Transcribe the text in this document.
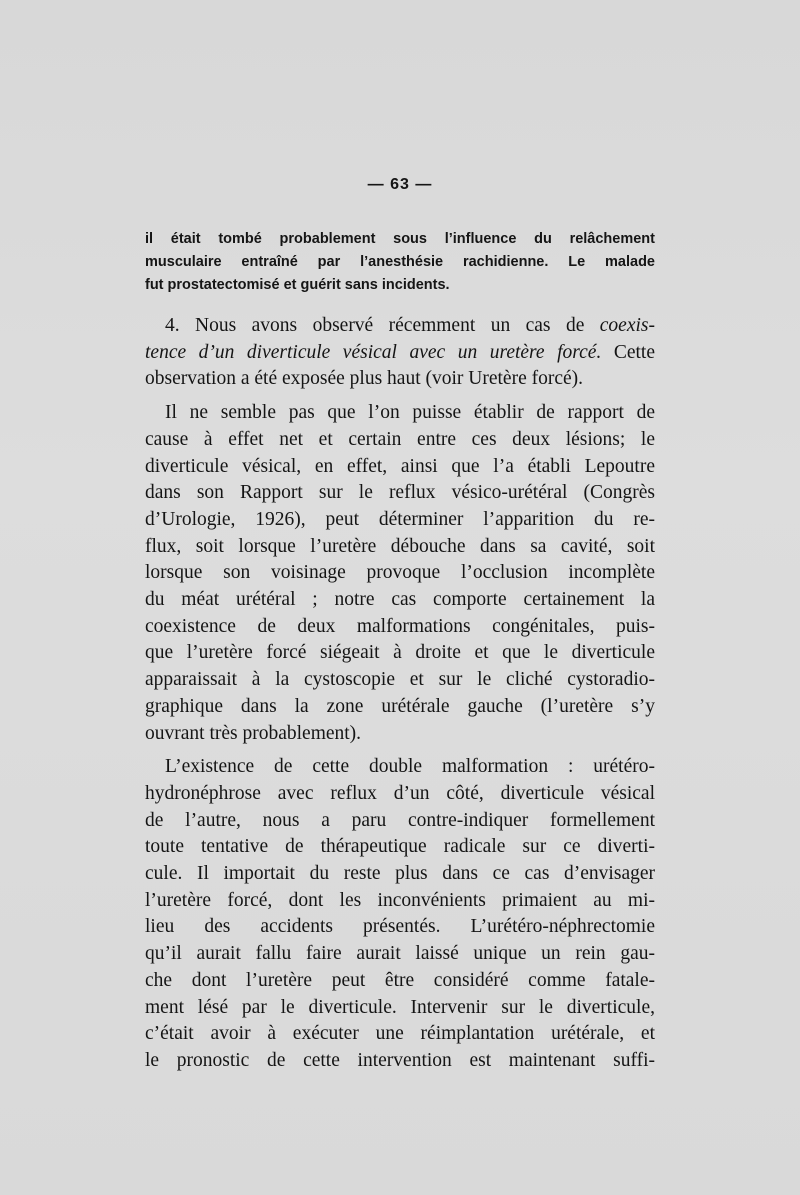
— 63 —
il était tombé probablement sous l’influence du relâchement
musculaire entraîné par l’anesthésie rachidienne. Le malade
fut prostatectomisé et guérit sans incidents.
4. Nous avons observé récemment un cas de coexis-
tence d’un diverticule vésical avec un uretère forcé. Cette
observation a été exposée plus haut (voir Uretère forcé).
Il ne semble pas que l’on puisse établir de rapport de
cause à effet net et certain entre ces deux lésions; le
diverticule vésical, en effet, ainsi que l’a établi Lepoutre
dans son Rapport sur le reflux vésico-urétéral (Congrès
d’Urologie, 1926), peut déterminer l’apparition du re-
flux, soit lorsque l’uretère débouche dans sa cavité, soit
lorsque son voisinage provoque l’occlusion incomplète
du méat urétéral ; notre cas comporte certainement la
coexistence de deux malformations congénitales, puis-
que l’uretère forcé siégeait à droite et que le diverticule
apparaissait à la cystoscopie et sur le cliché cystoradio-
graphique dans la zone urétérale gauche (l’uretère s’y
ouvrant très probablement).
L’existence de cette double malformation : urétéro-
hydronéphrose avec reflux d’un côté, diverticule vésical
de l’autre, nous a paru contre-indiquer formellement
toute tentative de thérapeutique radicale sur ce diverti-
cule. Il importait du reste plus dans ce cas d’envisager
l’uretère forcé, dont les inconvénients primaient au mi-
lieu des accidents présentés. L’urétéro-néphrectomie
qu’il aurait fallu faire aurait laissé unique un rein gau-
che dont l’uretère peut être considéré comme fatale-
ment lésé par le diverticule. Intervenir sur le diverticule,
c’était avoir à exécuter une réimplantation urétérale, et
le pronostic de cette intervention est maintenant suffi-
